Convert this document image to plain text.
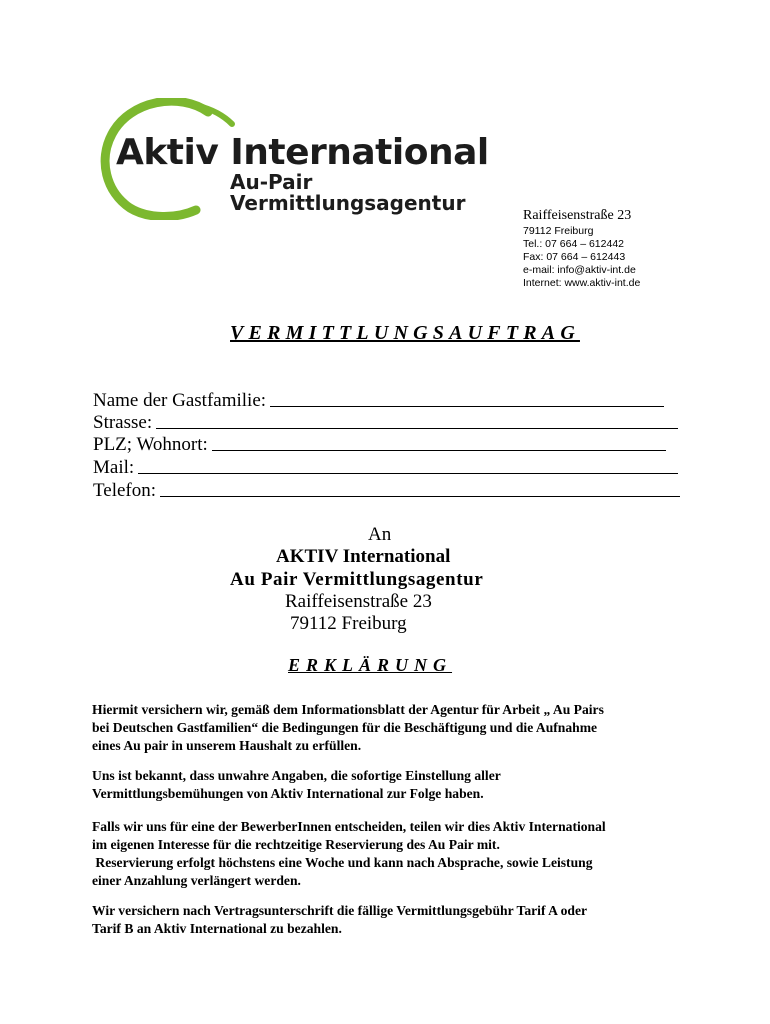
Aktiv International
Au-Pair
Vermittlungsagentur
Raiffeisenstraße 23
79112 Freiburg
Tel.: 07 664 – 612442
Fax: 07 664 – 612443
e-mail: info@aktiv-int.de
Internet: www.aktiv-int.de
VERMITTLUNGSAUFTRAG
Name der Gastfamilie:
Strasse:
PLZ; Wohnort:
Mail:
Telefon:
An
AKTIV International
Au Pair Vermittlungsagentur
Raiffeisenstraße 23
79112 Freiburg
ERKLÄRUNG
Hiermit versichern wir, gemäß dem Informationsblatt der Agentur für Arbeit „ Au Pairs
bei Deutschen Gastfamilien“ die Bedingungen für die Beschäftigung und die Aufnahme
eines Au pair in unserem Haushalt zu erfüllen.
Uns ist bekannt, dass unwahre Angaben, die sofortige Einstellung aller
Vermittlungsbemühungen von Aktiv International zur Folge haben.
Falls wir uns für eine der BewerberInnen entscheiden, teilen wir dies Aktiv International
im eigenen Interesse für die rechtzeitige Reservierung des Au Pair mit.
Reservierung erfolgt höchstens eine Woche und kann nach Absprache, sowie Leistung
einer Anzahlung verlängert werden.
Wir versichern nach Vertragsunterschrift die fällige Vermittlungsgebühr Tarif A oder
Tarif B an Aktiv International zu bezahlen.
